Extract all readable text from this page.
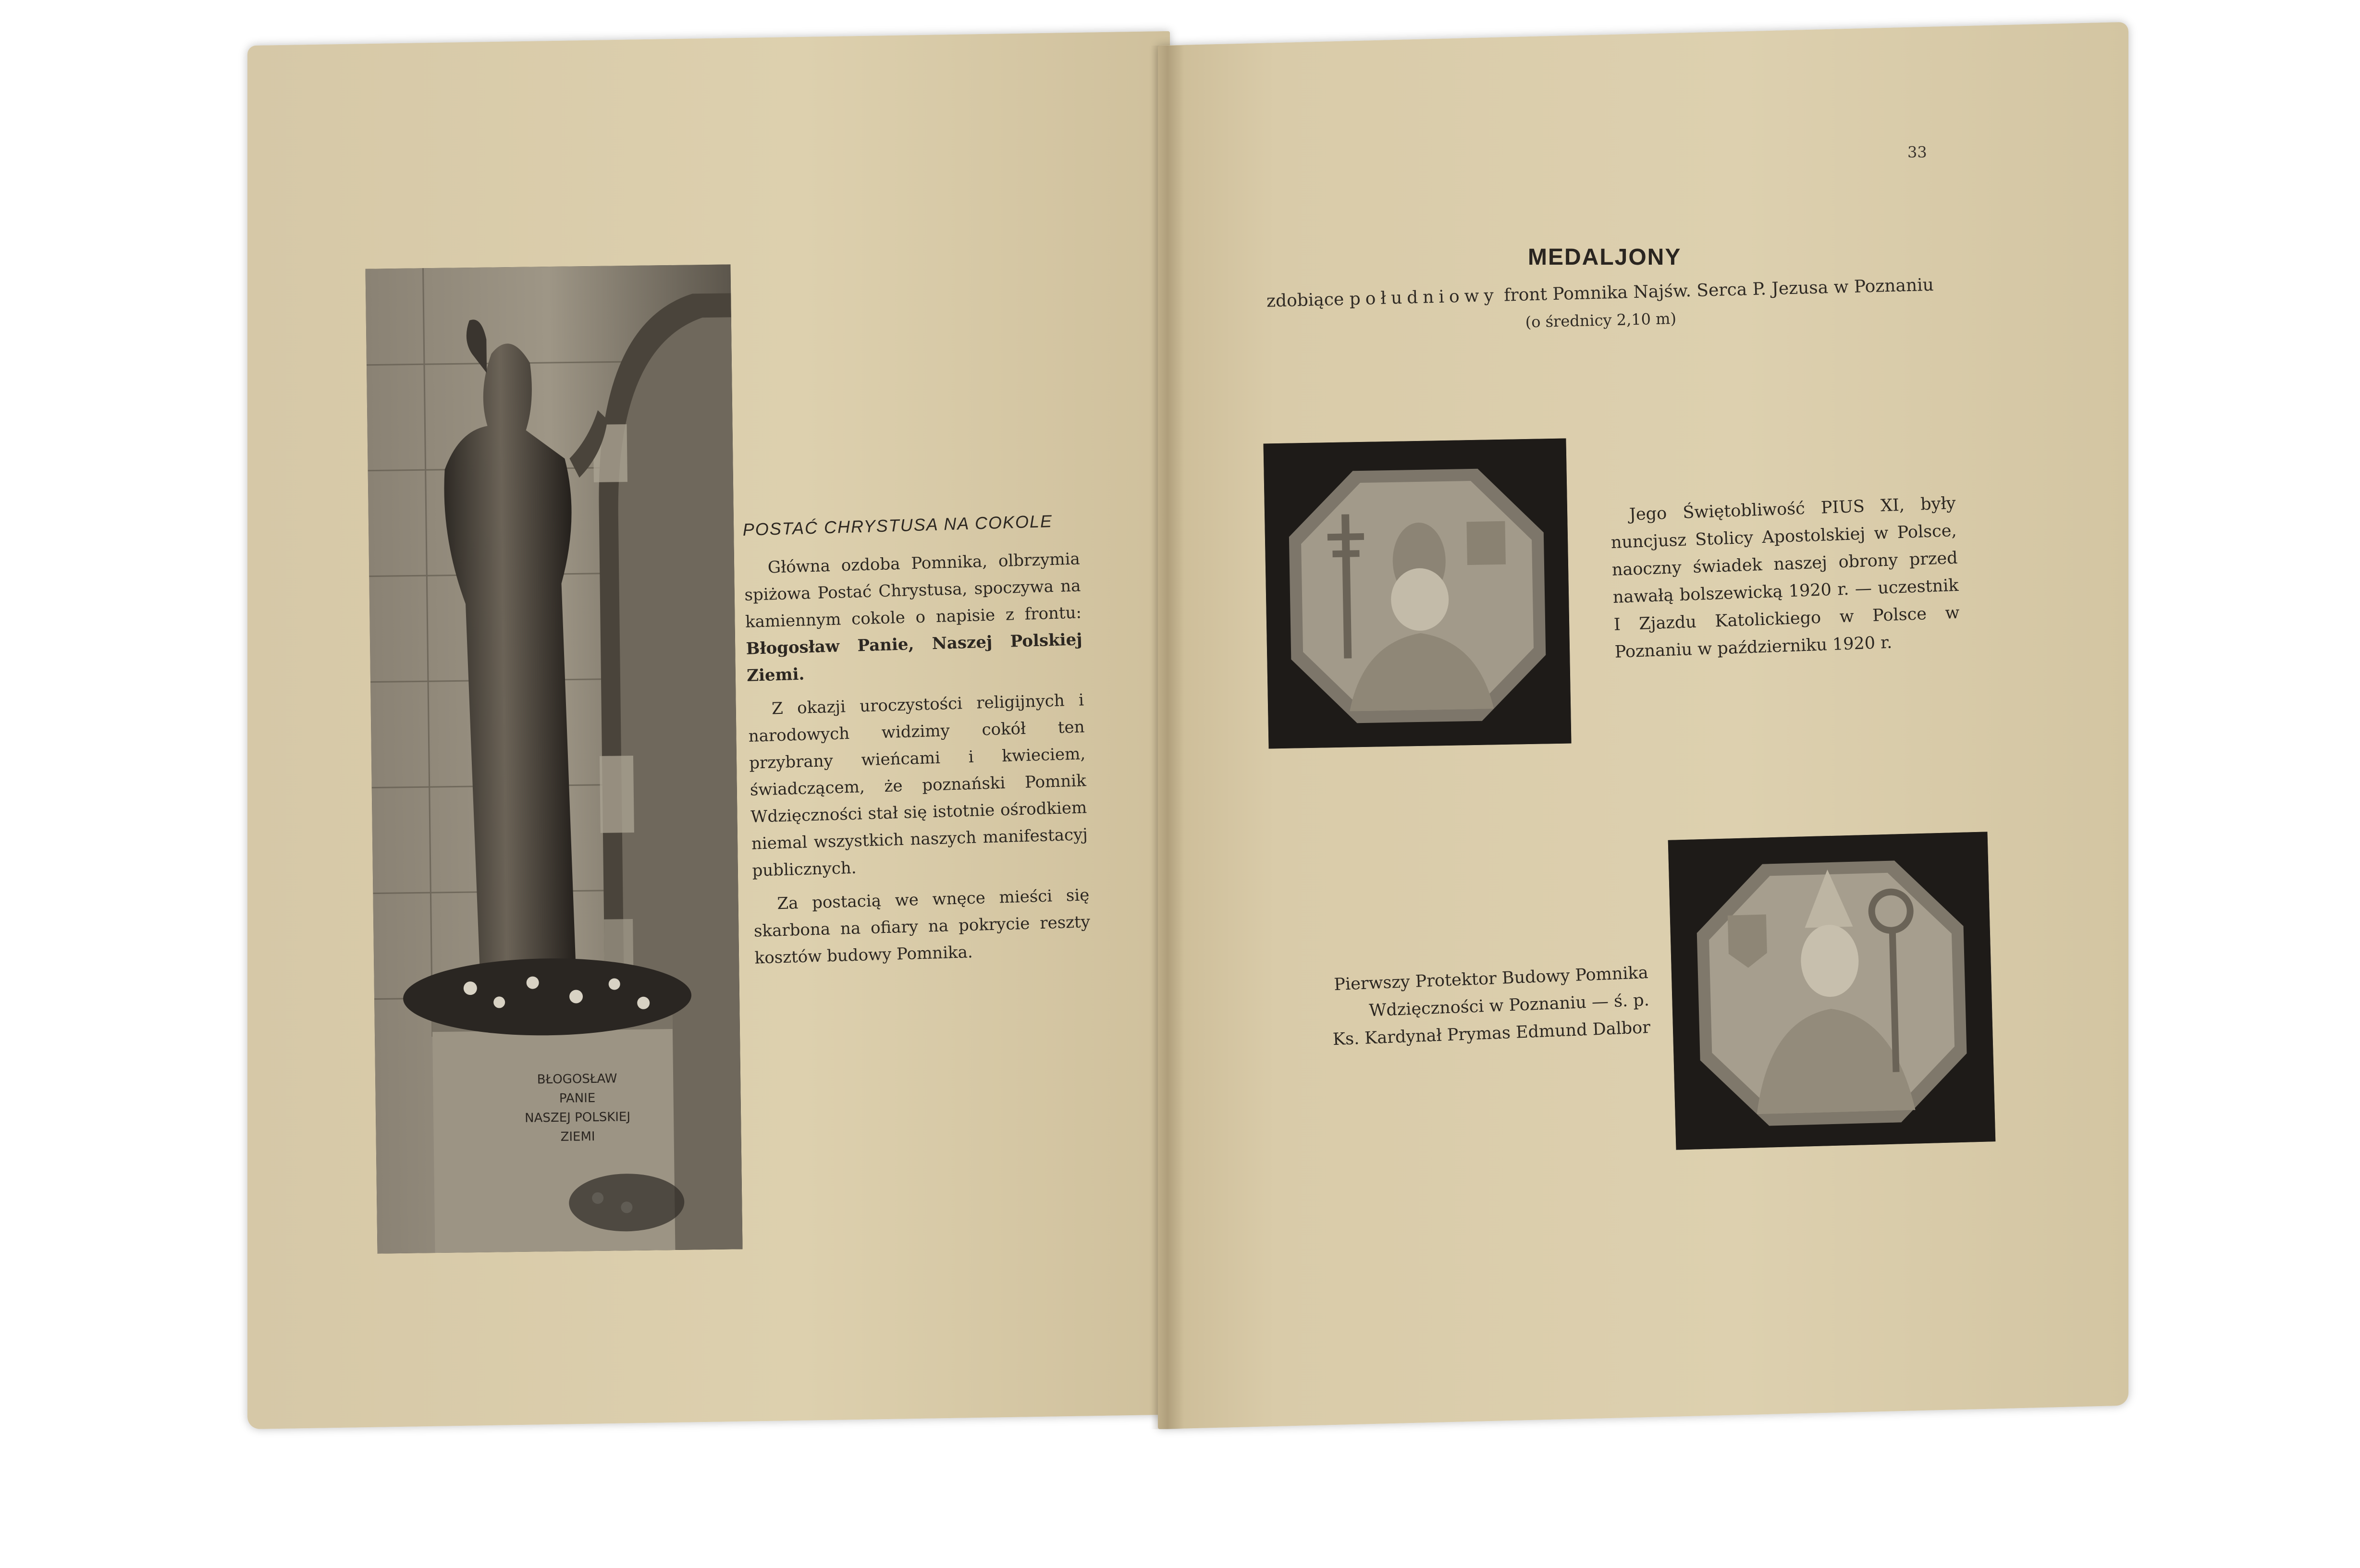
BŁOGOSŁAW
PANIE
NASZEJ POLSKIEJ
ZIEMI
POSTAĆ CHRYSTUSA NA COKOLE

Główna ozdoba Pomnika, olbrzymia spiżowa Postać Chrystusa, spoczywa na kamiennym cokole o napisie z frontu: Błogosław Panie, Naszej Polskiej Ziemi.

Z okazji uroczystości religijnych i narodowych widzimy cokół ten przybrany wieńcami i kwieciem, świadczącem, że poznański Pomnik Wdzięczności stał się istotnie ośrodkiem niemal wszystkich naszych manifestacyj publicznych.

Za postacią we wnęce mieści się skarbona na ofiary na pokrycie reszty kosztów budowy Pomnika.

33
MEDALJONY
zdobiące południowy front Pomnika Najśw. Serca P. Jezusa w Poznaniu
(o średnicy 2,10 m)
Jego Świętobliwość PIUS XI, były nuncjusz Stolicy Apostolskiej w Polsce, naoczny świadek naszej obrony przed nawałą bolszewicką 1920 r. — uczestnik I Zjazdu Katolickiego w Polsce w Poznaniu w październiku 1920 r.
Pierwszy Protektor Budowy Pomnika Wdzięczności w Poznaniu — ś. p.
Ks. Kardynał Prymas Edmund Dalbor
